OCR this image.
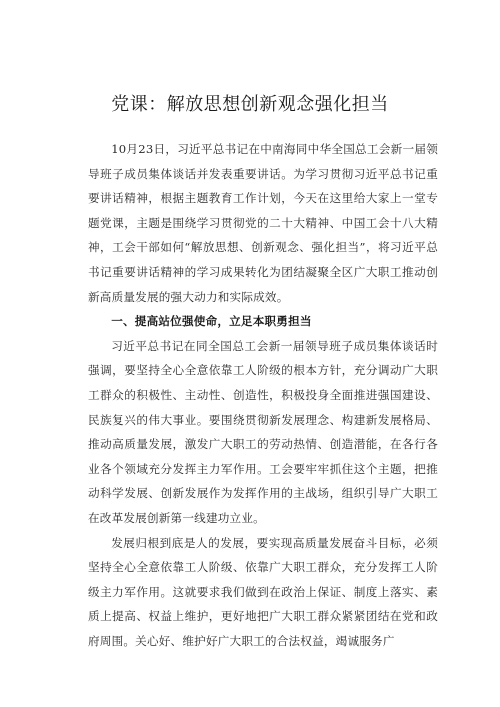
党课：解放思想创新观念强化担当

10月23日，习近平总书记在中南海同中华全国总工会新一届领导班子成员集体谈话并发表重要讲话。为学习贯彻习近平总书记重要讲话精神，根据主题教育工作计划，今天在这里给大家上一堂专题党课，主题是围绕学习贯彻党的二十大精神、中国工会十八大精神，工会干部如何“解放思想、创新观念、强化担当”，将习近平总书记重要讲话精神的学习成果转化为团结凝聚全区广大职工推动创新高质量发展的强大动力和实际成效。

一、提高站位强使命，立足本职勇担当

习近平总书记在同全国总工会新一届领导班子成员集体谈话时强调，要坚持全心全意依靠工人阶级的根本方针，充分调动广大职工群众的积极性、主动性、创造性，积极投身全面推进强国建设、民族复兴的伟大事业。要围绕贯彻新发展理念、构建新发展格局、推动高质量发展，激发广大职工的劳动热情、创造潜能，在各行各业各个领域充分发挥主力军作用。工会要牢牢抓住这个主题，把推动科学发展、创新发展作为发挥作用的主战场，组织引导广大职工在改革发展创新第一线建功立业。

发展归根到底是人的发展，要实现高质量发展奋斗目标，必须坚持全心全意依靠工人阶级、依靠广大职工群众，充分发挥工人阶级主力军作用。这就要求我们做到在政治上保证、制度上落实、素质上提高、权益上维护，更好地把广大职工群众紧紧团结在党和政府周围。关心好、维护好广大职工的合法权益，竭诚服务广
